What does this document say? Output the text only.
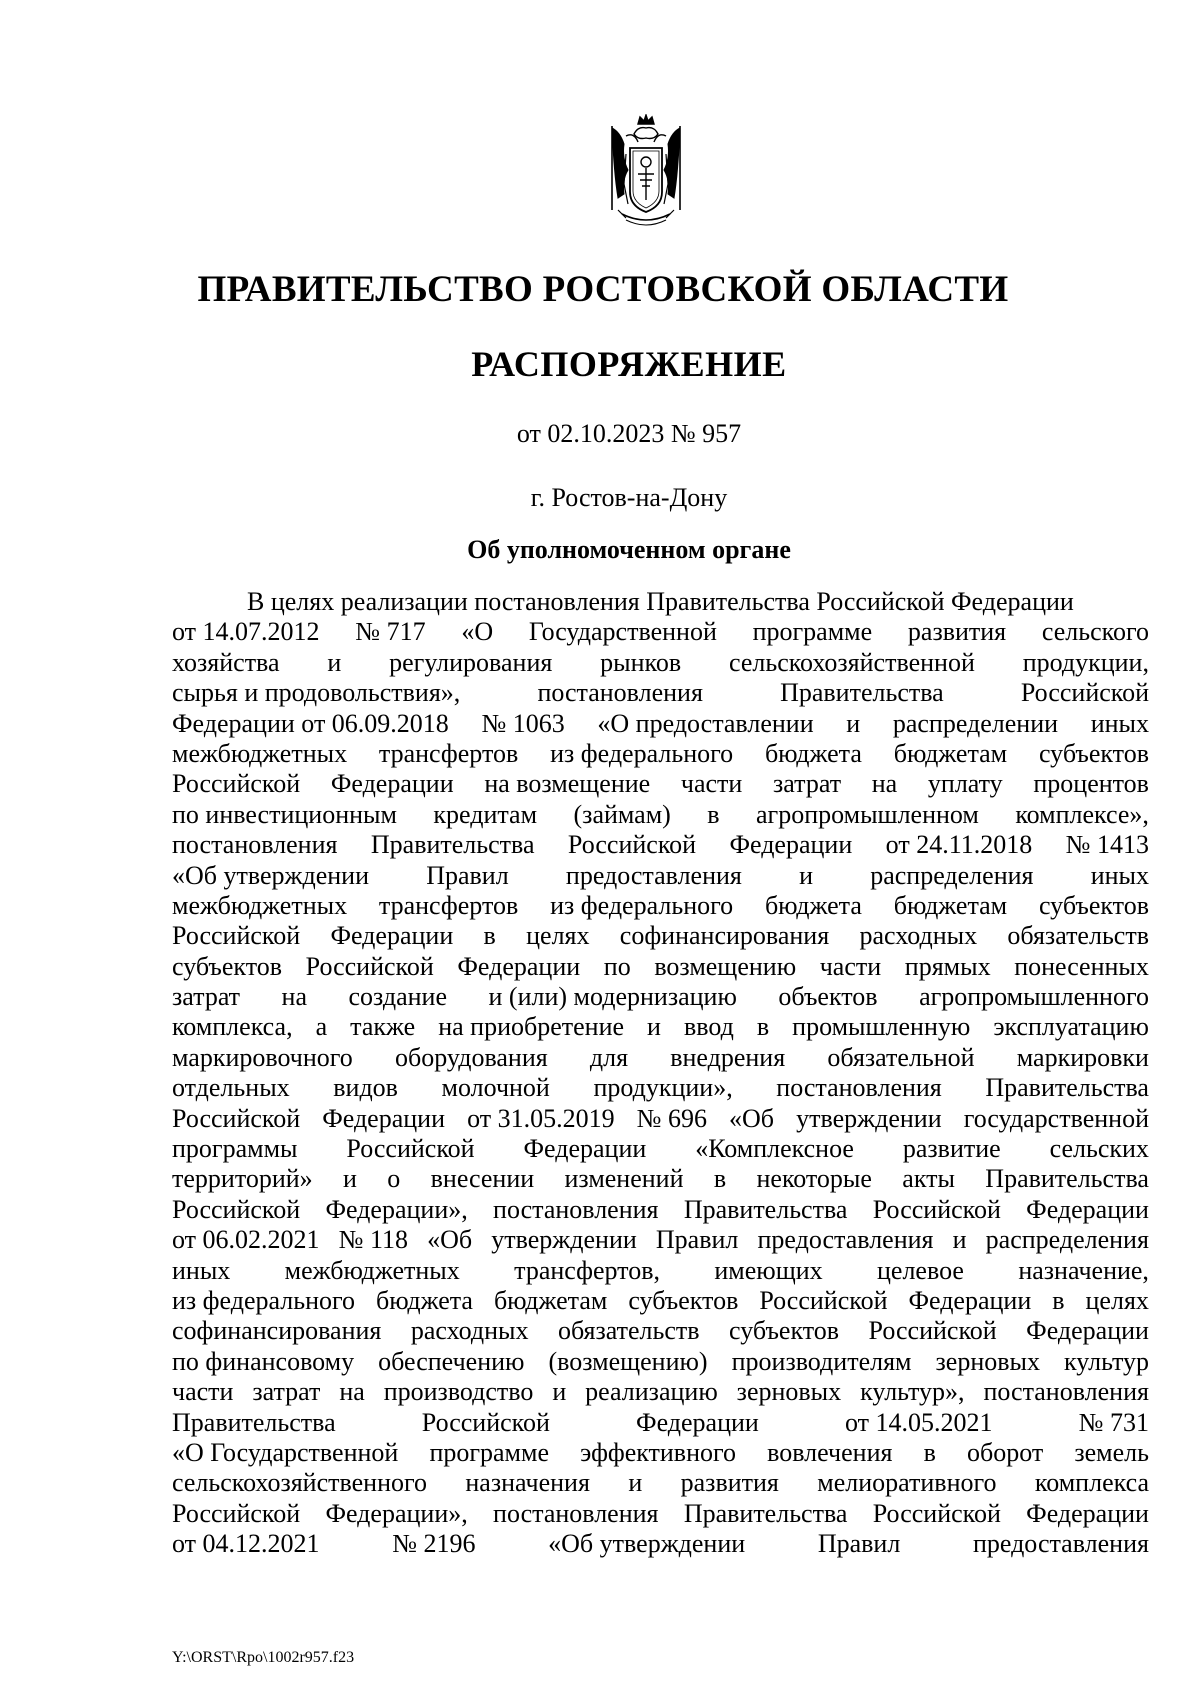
ПРАВИТЕЛЬСТВО РОСТОВСКОЙ ОБЛАСТИ
РАСПОРЯЖЕНИЕ
от 02.10.2023 № 957
г. Ростов-на-Дону
Об уполномоченном органе
В целях реализации постановления Правительства Российской Федерации
от 14.07.2012 № 717 «О Государственной программе развития сельского
хозяйства и регулирования рынков сельскохозяйственной продукции,
сырья и продовольствия»,	постановления	Правительства	Российской
Федерации от 06.09.2018 № 1063 «О предоставлении и распределении иных
межбюджетных трансфертов из федерального бюджета бюджетам субъектов
Российской Федерации на возмещение части затрат на уплату процентов
по инвестиционным кредитам (займам) в агропромышленном комплексе»,
постановления Правительства Российской Федерации от 24.11.2018 № 1413
«Об утверждении Правил предоставления и распределения иных
межбюджетных трансфертов из федерального бюджета бюджетам субъектов
Российской Федерации в целях софинансирования расходных обязательств
субъектов Российской Федерации по возмещению части прямых понесенных
затрат на создание и (или) модернизацию объектов агропромышленного
комплекса, а также на приобретение и ввод в промышленную эксплуатацию
маркировочного оборудования для внедрения обязательной маркировки
отдельных видов молочной продукции», постановления Правительства
Российской Федерации от 31.05.2019 № 696 «Об утверждении государственной
программы Российской Федерации «Комплексное развитие сельских
территорий» и о внесении изменений в некоторые акты Правительства
Российской Федерации», постановления Правительства Российской Федерации
от 06.02.2021 № 118 «Об утверждении Правил предоставления и распределения
иных межбюджетных трансфертов, имеющих целевое назначение,
из федерального бюджета бюджетам субъектов Российской Федерации в целях
софинансирования расходных обязательств субъектов Российской Федерации
по финансовому обеспечению (возмещению) производителям зерновых культур
части затрат на производство и реализацию зерновых культур», постановления
Правительства	Российской	Федерации	от 14.05.2021	№ 731
«О Государственной программе эффективного вовлечения в оборот земель
сельскохозяйственного назначения и развития мелиоративного комплекса
Российской Федерации», постановления Правительства Российской Федерации
от 04.12.2021	№ 2196	«Об утверждении	Правил	предоставления
Y:\ORST\Rpo\1002r957.f23
